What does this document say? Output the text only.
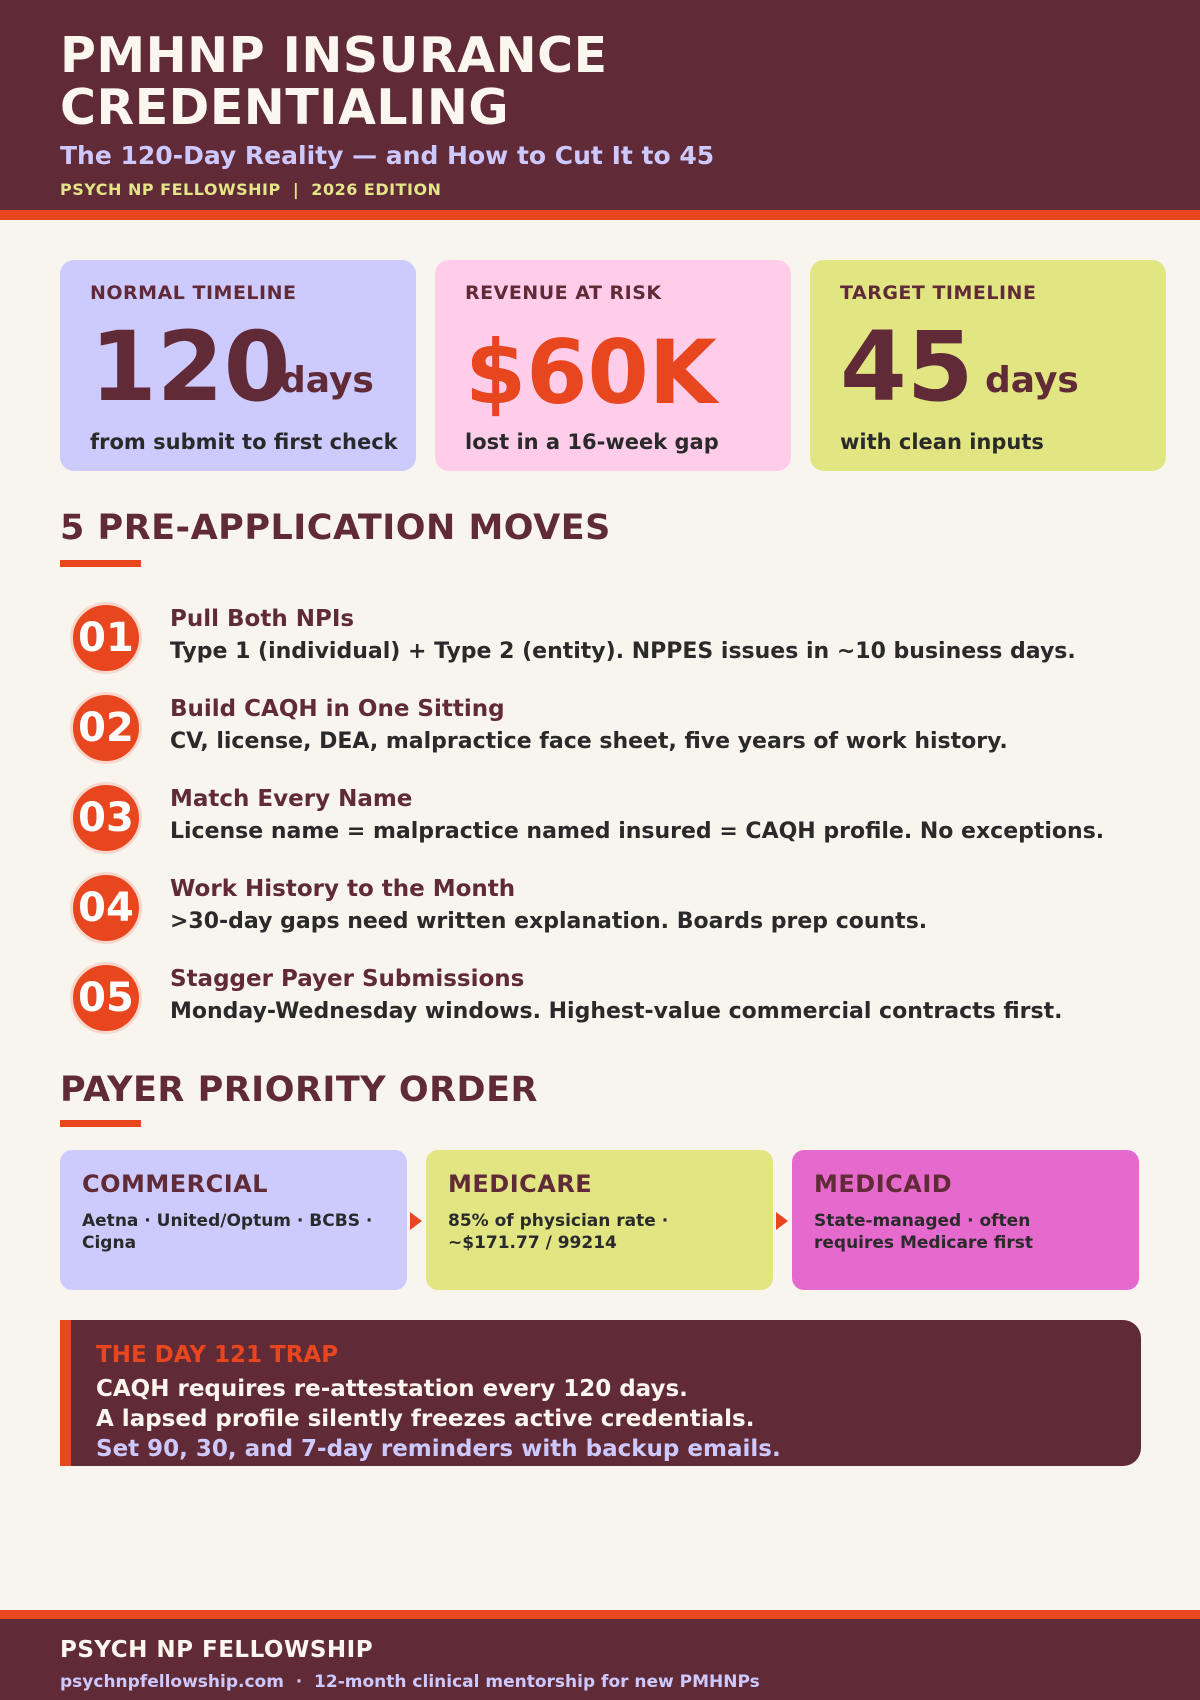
PMHNP INSURANCE CREDENTIALING
The 120-Day Reality — and How to Cut It to 45
PSYCH NP FELLOWSHIP  |  2026 EDITION
NORMAL TIMELINE
120
days
from submit to first check
REVENUE AT RISK
$60K
lost in a 16-week gap
TARGET TIMELINE
45 days
with clean inputs
5 PRE-APPLICATION MOVES
01	Pull Both NPIs
Type 1 (individual) + Type 2 (entity). NPPES issues in ~10 business days.
02	Build CAQH in One Sitting
CV, license, DEA, malpractice face sheet, five years of work history.
03	Match Every Name
License name = malpractice named insured = CAQH profile. No exceptions.
04	Work History to the Month
>30-day gaps need written explanation. Boards prep counts.
05	Stagger Payer Submissions
Monday-Wednesday windows. Highest-value commercial contracts first.
PAYER PRIORITY ORDER
COMMERCIAL
Aetna · United/Optum · BCBS · Cigna
MEDICARE
85% of physician rate · ~$171.77 / 99214
MEDICAID
State-managed · often requires Medicare first
THE DAY 121 TRAP
CAQH requires re-attestation every 120 days.
A lapsed profile silently freezes active credentials.
Set 90, 30, and 7-day reminders with backup emails.
PSYCH NP FELLOWSHIP
psychnpfellowship.com  ·  12-month clinical mentorship for new PMHNPs
